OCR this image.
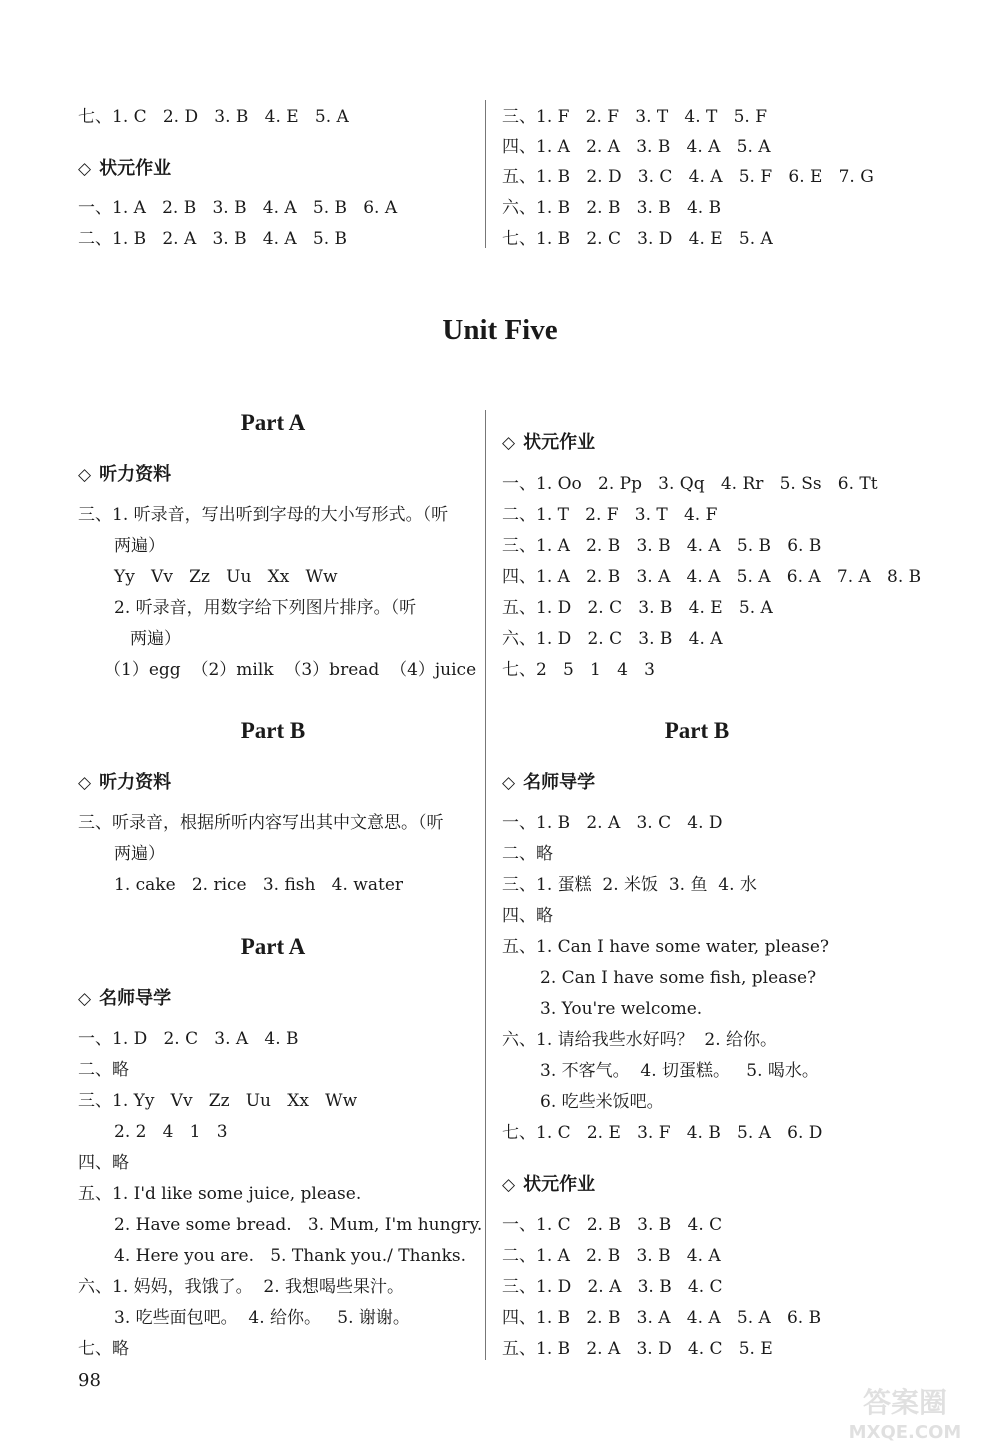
七、1. C   2. D   3. B   4. E   5. A
◇ 状元作业
一、1. A   2. B   3. B   4. A   5. B   6. A
二、1. B   2. A   3. B   4. A   5. B
三、1. F   2. F   3. T   4. T   5. F
四、1. A   2. A   3. B   4. A   5. A
五、1. B   2. D   3. C   4. A   5. F   6. E   7. G
六、1. B   2. B   3. B   4. B
七、1. B   2. C   3. D   4. E   5. A
Unit Five
Part A
◇ 听力资料
三、1. 听录音，写出听到字母的大小写形式。（听
两遍）
Yy   Vv   Zz   Uu   Xx   Ww
2. 听录音，用数字给下列图片排序。（听
两遍）
（1）egg  （2）milk  （3）bread  （4）juice
Part B
◇ 听力资料
三、听录音，根据所听内容写出其中文意思。（听
两遍）
1. cake   2. rice   3. fish   4. water
Part A
◇ 名师导学
一、1. D   2. C   3. A   4. B
二、略
三、1. Yy   Vv   Zz   Uu   Xx   Ww
2. 2   4   1   3
四、略
五、1. I'd like some juice, please.
2. Have some bread.   3. Mum, I'm hungry.
4. Here you are.   5. Thank you./ Thanks.
六、1. 妈妈，我饿了。  2. 我想喝些果汁。
3. 吃些面包吧。  4. 给你。   5. 谢谢。
七、略
98
◇ 状元作业
一、1. Oo   2. Pp   3. Qq   4. Rr   5. Ss   6. Tt
二、1. T   2. F   3. T   4. F
三、1. A   2. B   3. B   4. A   5. B   6. B
四、1. A   2. B   3. A   4. A   5. A   6. A   7. A   8. B
五、1. D   2. C   3. B   4. E   5. A
六、1. D   2. C   3. B   4. A
七、2   5   1   4   3
Part B
◇ 名师导学
一、1. B   2. A   3. C   4. D
二、略
三、1. 蛋糕  2. 米饭  3. 鱼  4. 水
四、略
五、1. Can I have some water, please?
2. Can I have some fish, please?
3. You're welcome.
六、1. 请给我些水好吗？  2. 给你。
3. 不客气。  4. 切蛋糕。   5. 喝水。
6. 吃些米饭吧。
七、1. C   2. E   3. F   4. B   5. A   6. D
◇ 状元作业
一、1. C   2. B   3. B   4. C
二、1. A   2. B   3. B   4. A
三、1. D   2. A   3. B   4. C
四、1. B   2. B   3. A   4. A   5. A   6. B
五、1. B   2. A   3. D   4. C   5. E
答案圈
MXQE.COM
